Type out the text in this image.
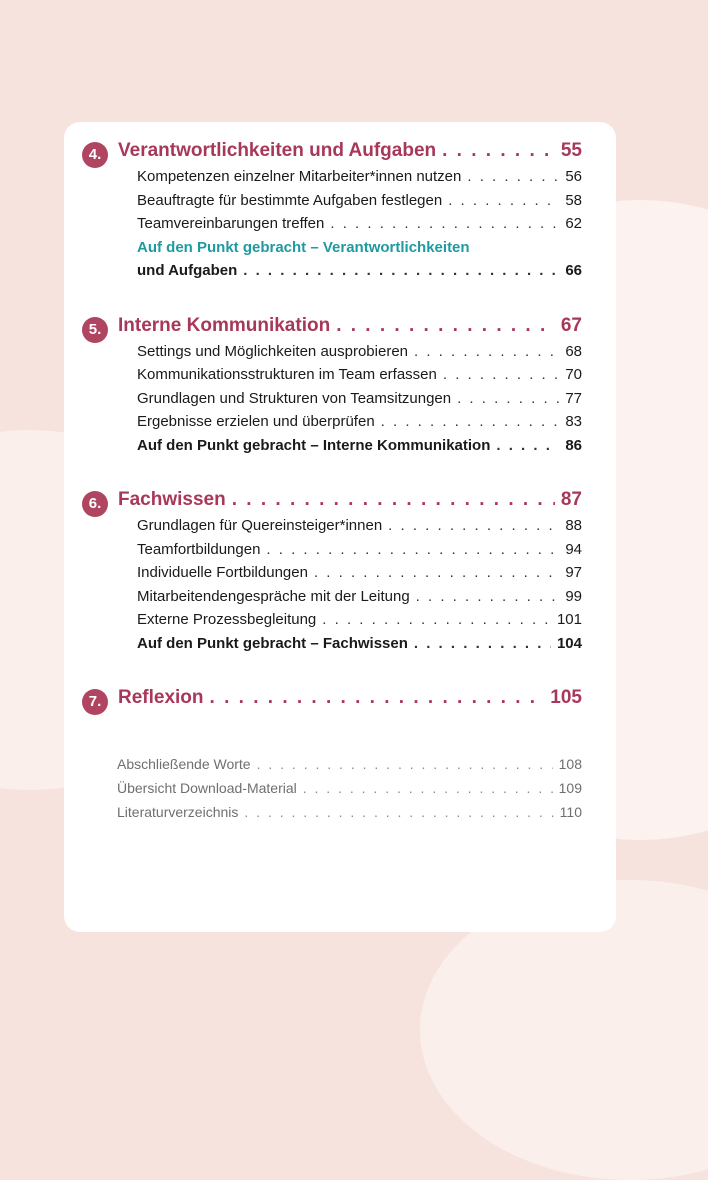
4. Verantwortlichkeiten und Aufgaben . . .	55
Kompetenzen einzelner Mitarbeiter*innen nutzen . . .	56
Beauftragte für bestimmte Aufgaben festlegen . . .	58
Teamvereinbarungen treffen . . .	62
Auf den Punkt gebracht – Verantwortlichkeiten
und Aufgaben . . .	66
5. Interne Kommunikation . . .	67
Settings und Möglichkeiten ausprobieren . . .	68
Kommunikationsstrukturen im Team erfassen . . .	70
Grundlagen und Strukturen von Teamsitzungen . . .	77
Ergebnisse erzielen und überprüfen . . .	83
Auf den Punkt gebracht – Interne Kommunikation . . .	86
6. Fachwissen . . .	87
Grundlagen für Quereinsteiger*innen . . .	88
Teamfortbildungen . . .	94
Individuelle Fortbildungen . . .	97
Mitarbeitendengespräche mit der Leitung . . .	99
Externe Prozessbegleitung . . .	101
Auf den Punkt gebracht – Fachwissen . . .	104
7. Reflexion . . .	105
Abschließende Worte . . .	108
Übersicht Download-Material . . .	109
Literaturverzeichnis . . .	110
